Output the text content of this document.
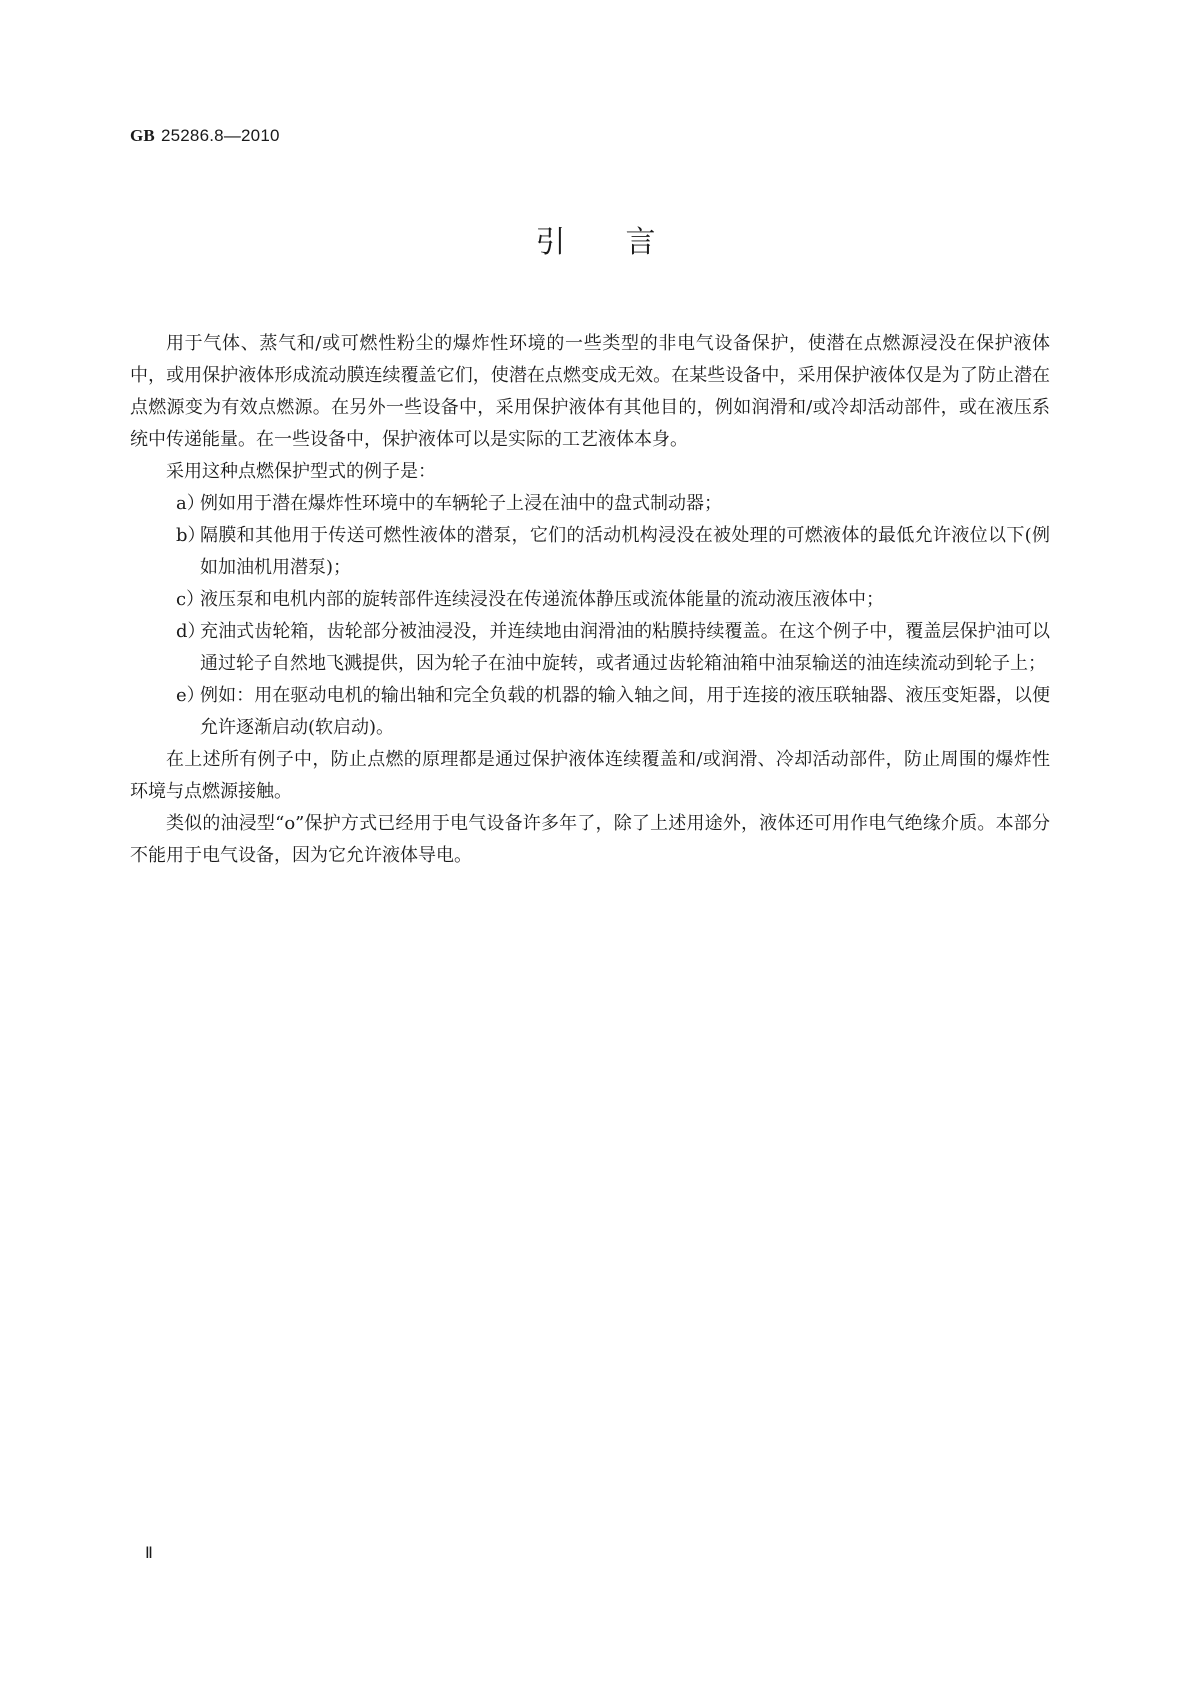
GB 25286.8—2010
引言

用于气体、蒸气和/或可燃性粉尘的爆炸性环境的一些类型的非电气设备保护，使潜在点燃源浸没在保护液体中，或用保护液体形成流动膜连续覆盖它们，使潜在点燃变成无效。在某些设备中，采用保护液体仅是为了防止潜在点燃源变为有效点燃源。在另外一些设备中，采用保护液体有其他目的，例如润滑和/或冷却活动部件，或在液压系统中传递能量。在一些设备中，保护液体可以是实际的工艺液体本身。

采用这种点燃保护型式的例子是：

a）
例如用于潜在爆炸性环境中的车辆轮子上浸在油中的盘式制动器；
b）
隔膜和其他用于传送可燃性液体的潜泵，它们的活动机构浸没在被处理的可燃液体的最低允许液位以下(例如加油机用潜泵)；
c）
液压泵和电机内部的旋转部件连续浸没在传递流体静压或流体能量的流动液压液体中；
d）
充油式齿轮箱，齿轮部分被油浸没，并连续地由润滑油的粘膜持续覆盖。在这个例子中，覆盖层保护油可以通过轮子自然地飞溅提供，因为轮子在油中旋转，或者通过齿轮箱油箱中油泵输送的油连续流动到轮子上；
e）
例如：用在驱动电机的输出轴和完全负载的机器的输入轴之间，用于连接的液压联轴器、液压变矩器，以便允许逐渐启动(软启动)。

在上述所有例子中，防止点燃的原理都是通过保护液体连续覆盖和/或润滑、冷却活动部件，防止周围的爆炸性环境与点燃源接触。

类似的油浸型“o”保护方式已经用于电气设备许多年了，除了上述用途外，液体还可用作电气绝缘介质。本部分不能用于电气设备，因为它允许液体导电。

Ⅱ
